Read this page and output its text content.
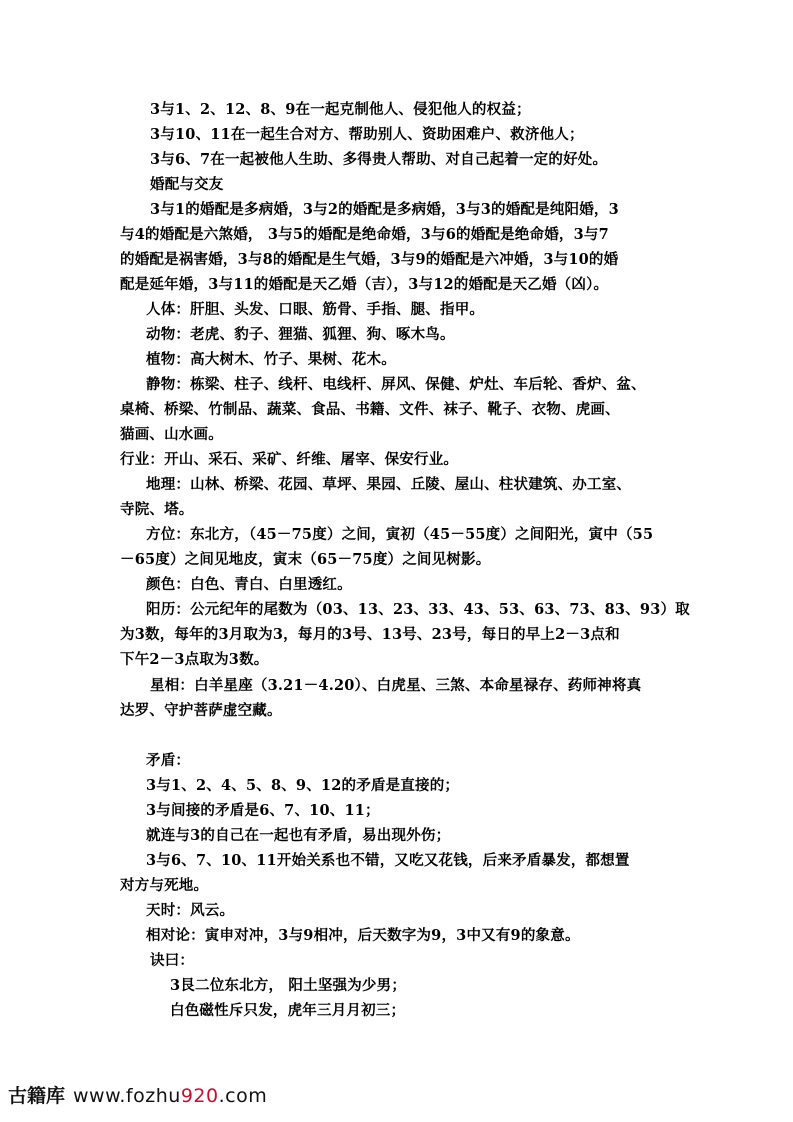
3与1、2、12、8、9在一起克制他人、侵犯他人的权益；
3与10、11在一起生合对方、帮助别人、资助困难户、救济他人；
3与6、7在一起被他人生助、多得贵人帮助、对自己起着一定的好处。
婚配与交友
3与1的婚配是多病婚，3与2的婚配是多病婚，3与3的婚配是纯阳婚，3
与4的婚配是六煞婚， 3与5的婚配是绝命婚，3与6的婚配是绝命婚，3与7
的婚配是祸害婚，3与8的婚配是生气婚，3与9的婚配是六冲婚，3与10的婚
配是延年婚，3与11的婚配是天乙婚（吉），3与12的婚配是天乙婚（凶）。
人体：肝胆、头发、口眼、筋骨、手指、腿、指甲。
动物：老虎、豹子、狸猫、狐狸、狗、啄木鸟。
植物：高大树木、竹子、果树、花木。
静物：栋梁、柱子、线杆、电线杆、屏风、保健、炉灶、车后轮、香炉、盆、
桌椅、桥梁、竹制品、蔬菜、食品、书籍、文件、袜子、靴子、衣物、虎画、
猫画、山水画。
行业：开山、采石、采矿、纤维、屠宰、保安行业。
地理：山林、桥梁、花园、草坪、果园、丘陵、屋山、柱状建筑、办工室、
寺院、塔。
方位：东北方，（45－75度）之间，寅初（45－55度）之间阳光，寅中（55
－65度）之间见地皮，寅末（65－75度）之间见树影。
颜色：白色、青白、白里透红。
阳历：公元纪年的尾数为（03、13、23、33、43、53、63、73、83、93）取
为3数，每年的3月取为3，每月的3号、13号、23号，每日的早上2－3点和
下午2－3点取为3数。
星相：白羊星座（3.21－4.20）、白虎星、三煞、本命星禄存、药师神将真
达罗、守护菩萨虚空藏。
矛盾：
3与1、2、4、5、8、9、12的矛盾是直接的；
3与间接的矛盾是6、7、10、11；
就连与3的自己在一起也有矛盾，易出现外伤；
3与6、7、10、11开始关系也不错，又吃又花钱，后来矛盾暴发，都想置
对方与死地。
天时：风云。
相对论：寅申对冲，3与9相冲，后天数字为9，3中又有9的象意。
诀曰：
3艮二位东北方， 阳土坚强为少男；
白色磁性斥只发，虎年三月月初三；
古籍库 www.fozhu920.com
